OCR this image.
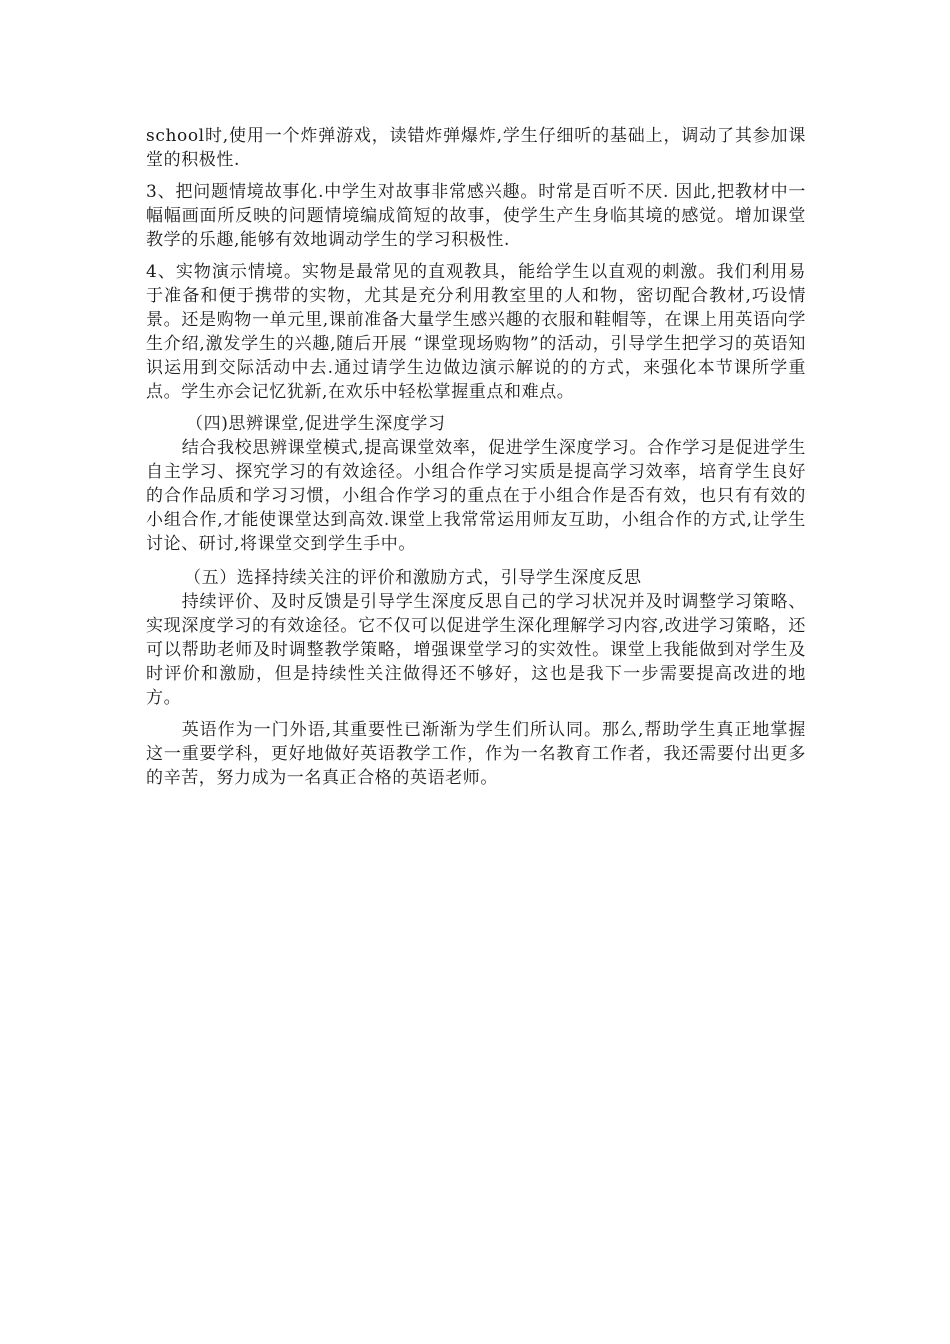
school时,使用一个炸弹游戏，读错炸弹爆炸,学生仔细听的基础上，调动了其参加课堂的积极性.

3、把问题情境故事化.中学生对故事非常感兴趣。时常是百听不厌. 因此,把教材中一幅幅画面所反映的问题情境编成简短的故事，使学生产生身临其境的感觉。增加课堂教学的乐趣,能够有效地调动学生的学习积极性.

4、实物演示情境。实物是最常见的直观教具，能给学生以直观的刺激。我们利用易于准备和便于携带的实物，尤其是充分利用教室里的人和物，密切配合教材,巧设情景。还是购物一单元里,课前准备大量学生感兴趣的衣服和鞋帽等，在课上用英语向学生介绍,激发学生的兴趣,随后开展 “课堂现场购物”的活动，引导学生把学习的英语知识运用到交际活动中去.通过请学生边做边演示解说的的方式，来强化本节课所学重点。学生亦会记忆犹新,在欢乐中轻松掌握重点和难点。

（四)思辨课堂,促进学生深度学习

结合我校思辨课堂模式,提高课堂效率，促进学生深度学习。合作学习是促进学生自主学习、探究学习的有效途径。小组合作学习实质是提高学习效率，培育学生良好的合作品质和学习习惯，小组合作学习的重点在于小组合作是否有效，也只有有效的小组合作,才能使课堂达到高效.课堂上我常常运用师友互助，小组合作的方式,让学生讨论、研讨,将课堂交到学生手中。

（五）选择持续关注的评价和激励方式，引导学生深度反思

持续评价、及时反馈是引导学生深度反思自己的学习状况并及时调整学习策略、实现深度学习的有效途径。它不仅可以促进学生深化理解学习内容,改进学习策略，还可以帮助老师及时调整教学策略，增强课堂学习的实效性。课堂上我能做到对学生及时评价和激励，但是持续性关注做得还不够好，这也是我下一步需要提高改进的地方。

英语作为一门外语,其重要性已渐渐为学生们所认同。那么,帮助学生真正地掌握这一重要学科，更好地做好英语教学工作，作为一名教育工作者，我还需要付出更多的辛苦，努力成为一名真正合格的英语老师。
